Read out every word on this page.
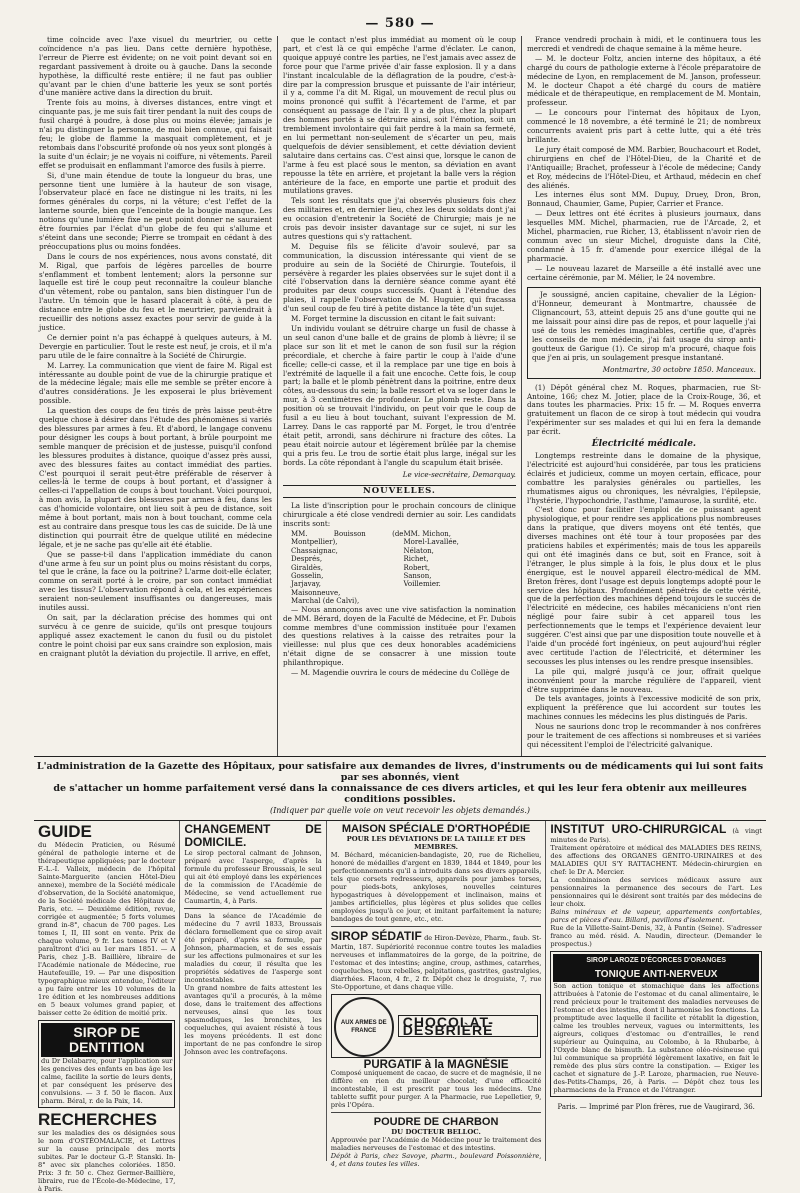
— 580 —

time coïncide avec l'axe visuel du meurtrier, ou cette coïncidence n'a pas lieu. Dans cette dernière hypothèse, l'erreur de Pierre est évidente; on ne voit point devant soi en regardant passivement à droite ou à gauche. Dans la seconde hypothèse, la difficulté reste entière; il ne faut pas oublier qu'avant par le chien d'une batterie les yeux se sont portés d'une manière active dans la direction du bruit.

Trente fois au moins, à diverses distances, entre vingt et cinquante pas, je me suis fait tirer pendant la nuit des coups de fusil chargé à poudre, à dose plus ou moins élevée; jamais je n'ai pu distinguer la personne, de moi bien connue, qui faisait feu; le globe de flamme la masquait complètement, et je retombais dans l'obscurité profonde où nos yeux sont plongés à la suite d'un éclair; je ne voyais ni coiffure, ni vêtements. Pareil effet se produisait en enflammant l'amorce des fusils à pierre.

Si, d'une main étendue de toute la longueur du bras, une personne tient une lumière à la hauteur de son visage, l'observateur placé en face ne distingue ni les traits, ni les formes générales du corps, ni la vêture; c'est l'effet de la lanterne sourde, bien que l'enceinte de la bougie manque. Les notions qu'une lumière fixe ne peut point donner ne sauraient être fournies par l'éclat d'un globe de feu qui s'allume et s'éteint dans une seconde; Pierre se trompait en cédant à des préoccupations plus ou moins fondées.

Dans le cours de nos expériences, nous avons constaté, dit M. Rigal, que parfois de légères parcelles de bourre s'enflamment et tombent lentement; alors la personne sur laquelle est tiré le coup peut reconnaître la couleur blanche d'un vêtement, robe ou pantalon, sans bien distinguer l'un de l'autre. Un témoin que le hasard placerait à côté, à peu de distance entre le globe du feu et le meurtrier, parviendrait à recueillir des notions assez exactes pour servir de guide à la justice.

Ce dernier point n'a pas échappé à quelques auteurs, à M. Devergie en particulier. Tout le reste est neuf, je crois, et il m'a paru utile de le faire connaître à la Société de Chirurgie.

M. Larrey. La communication que vient de faire M. Rigal est intéressante au double point de vue de la chirurgie pratique et de la médecine légale; mais elle me semble se prêter encore à d'autres considérations. Je les exposerai le plus brièvement possible.

La question des coups de feu tirés de près laisse peut-être quelque chose à désirer dans l'étude des phénomènes si variés des blessures par armes à feu. Et d'abord, le langage convenu pour désigner les coups à bout portant, à brûle pourpoint me semble manquer de précision et de justesse, puisqu'il confond les blessures produites à distance, quoique d'assez près aussi, avec des blessures faites au contact immédiat des parties. C'est pourquoi il serait peut-être préférable de réserver à celles-là le terme de coups à bout portant, et d'assigner à celles-ci l'appellation de coups à bout touchant. Voici pourquoi, à mon avis, la plupart des blessures par armes à feu, dans les cas d'homicide volontaire, ont lieu soit à peu de distance, soit même à bout portant, mais non à bout touchant, comme cela est au contraire dans presque tous les cas de suicide. De là une distinction qui pourrait être de quelque utilité en médecine légale, et je ne sache pas qu'elle ait été établie.

Que se passe-t-il dans l'application immédiate du canon d'une arme à feu sur un point plus ou moins résistant du corps, tel que le crâne, la face ou la poitrine? L'arme doit-elle éclater, comme on serait porté à le croire, par son contact immédiat avec les tissus? L'observation répond à cela, et les expériences seraient non-seulement insuffisantes ou dangereuses, mais inutiles aussi.

On sait, par la déclaration précise des hommes qui ont survécu à ce genre de suicide, qu'ils ont presque toujours appliqué assez exactement le canon du fusil ou du pistolet contre le point choisi par eux sans craindre son explosion, mais en craignant plutôt la déviation du projectile. Il arrive, en effet,

que le contact n'est plus immédiat au moment où le coup part, et c'est là ce qui empêche l'arme d'éclater. Le canon, quoique appuyé contre les parties, ne l'est jamais avec assez de force pour que l'arme privée d'air fasse explosion. Il y a dans l'instant incalculable de la déflagration de la poudre, c'est-à-dire par la compression brusque et puissante de l'air intérieur, il y a, comme l'a dit M. Rigal, un mouvement de recul plus ou moins prononcé qui suffit à l'écartement de l'arme, et par conséquent au passage de l'air. Il y a de plus, chez la plupart des hommes portés à se détruire ainsi, soit l'émotion, soit un tremblement involontaire qui fait perdre à la main sa fermeté, en lui permettant non-seulement de s'écarter un peu, mais quelquefois de dévier sensiblement, et cette déviation devient salutaire dans certains cas. C'est ainsi que, lorsque le canon de l'arme à feu est placé sous le menton, sa déviation en avant repousse la tête en arrière, et projetant la balle vers la région antérieure de la face, en emporte une partie et produit des mutilations graves.

Tels sont les résultats que j'ai observés plusieurs fois chez des militaires et, en dernier lieu, chez les deux soldats dont j'ai eu occasion d'entretenir la Société de Chirurgie; mais je ne crois pas devoir insister davantage sur ce sujet, ni sur les autres questions qui s'y rattachent.

M. Deguise fils se félicite d'avoir soulevé, par sa communication, la discussion intéressante qui vient de se produire au sein de la Société de Chirurgie. Toutefois, il persévère à regarder les plaies observées sur le sujet dont il a cité l'observation dans la dernière séance comme ayant été produites par deux coups successifs. Quant à l'étendue des plaies, il rappelle l'observation de M. Huguier, qui fracassa d'un seul coup de feu tiré à petite distance la tête d'un sujet.

M. Forget termine la discussion en citant le fait suivant:

Un individu voulant se détruire charge un fusil de chasse à un seul canon d'une balle et de grains de plomb à lièvre; il se place sur son lit et met le canon de son fusil sur la région précordiale, et cherche à faire partir le coup à l'aide d'une ficelle; celle-ci casse, et il la remplace par une tige en bois à l'extrémité de laquelle il a fait une encoche. Cette fois, le coup part; la balle et le plomb pénètrent dans la poitrine, entre deux côtes, au-dessous du sein; la balle ressort et va se loger dans le mur, à 3 centimètres de profondeur. Le plomb reste. Dans la position où se trouvait l'individu, on peut voir que le coup de fusil a eu lieu à bout touchant, suivant l'expression de M. Larrey. Dans le cas rapporté par M. Forget, le trou d'entrée était petit, arrondi, sans déchirure ni fracture des côtes. La peau était noircie autour et légèrement brûlée par la chemise qui a pris feu. Le trou de sortie était plus large, inégal sur les bords. La côte répondant à l'angle du scapulum était brisée.

Le vice-secrétaire, Demarquay.
NOUVELLES.

La liste d'inscription pour le prochain concours de clinique chirurgicale a été close vendredi dernier au soir. Les candidats inscrits sont:

MM. Bouisson (de Montpellier),
Chassaignac,
Després,
Giraldès,
Gosselin,
Jarjavay,
Maisonneuve,
Marchal (de Calvi),
MM. Michon,
Morel-Lavallée,
Nélaton,
Richet,
Robert,
Sanson,
Voillemier.

— Nous annonçons avec une vive satisfaction la nomination de MM. Bérard, doyen de la Faculté de Médecine, et Fr. Dubois comme membres d'une commission instituée pour l'examen des questions relatives à la caisse des retraites pour la vieillesse: nul plus que ces deux honorables académiciens n'était digne de se consacrer à une mission toute philanthropique.

— M. Magendie ouvrira le cours de médecine du Collège de

France vendredi prochain à midi, et le continuera tous les mercredi et vendredi de chaque semaine à la même heure.

— M. le docteur Foltz, ancien interne des hôpitaux, a été chargé du cours de pathologie externe à l'école préparatoire de médecine de Lyon, en remplacement de M. Janson, professeur. M. le docteur Chapot a été chargé du cours de matière médicale et de thérapeutique, en remplacement de M. Montain, professeur.

— Le concours pour l'internat des hôpitaux de Lyon, commencé le 18 novembre, a été terminé le 21; de nombreux concurrents avaient pris part à cette lutte, qui a été très brillante.

Le jury était composé de MM. Barbier, Bouchacourt et Rodet, chirurgiens en chef de l'Hôtel-Dieu, de la Charité et de l'Antiquaille; Brachet, professeur à l'école de médecine; Candy et Roy, médecins de l'Hôtel-Dieu, et Arthaud, médecin en chef des aliénés.

Les internes élus sont MM. Dupuy, Druey, Dron, Bron, Bonnaud, Chaumier, Game, Pupier, Carrier et France.

— Deux lettres ont été écrites à plusieurs journaux, dans lesquelles MM. Michel, pharmacien, rue de l'Arcade, 2, et Michel, pharmacien, rue Richer, 13, établissent n'avoir rien de commun avec un sieur Michel, droguiste dans la Cité, condamné à 15 fr. d'amende pour exercice illégal de la pharmacie.

— Le nouveau lazaret de Marseille a été installé avec une certaine cérémonie, par M. Mélier, le 24 novembre.

Je soussigné, ancien capitaine, chevalier de la Légion-d'Honneur, demeurant à Montmartre, chaussée de Clignancourt, 53, atteint depuis 25 ans d'une goutte qui ne me laissait pour ainsi dire pas de repos, et pour laquelle j'ai usé de tous les remèdes imaginables, certifie que, d'après les conseils de mon médecin, j'ai fait usage du sirop anti-goutteux de Garigue (1). Ce sirop m'a procuré, chaque fois que j'en ai pris, un soulagement presque instantané.

Montmartre, 30 octobre 1850. Manceaux.

(1) Dépôt général chez M. Roques, pharmacien, rue St-Antoine, 166; chez M. Jotier, place de la Croix-Rouge, 36, et dans toutes les pharmacies. Prix: 15 fr. — M. Roques enverra gratuitement un flacon de ce sirop à tout médecin qui voudra l'expérimenter sur ses malades et qui lui en fera la demande par écrit.

Électricité médicale.

Longtemps restreinte dans le domaine de la physique, l'électricité est aujourd'hui considérée, par tous les praticiens éclairés et judicieux, comme un moyen certain, efficace, pour combattre les paralysies générales ou partielles, les rhumatismes aigus ou chroniques, les névralgies, l'épilepsie, l'hystérie, l'hypochondrie, l'asthme, l'amaurose, la surdité, etc.

C'est donc pour faciliter l'emploi de ce puissant agent physiologique, et pour rendre ses applications plus nombreuses dans la pratique, que divers moyens ont été tentés, que diverses machines ont été tour à tour proposées par des praticiens habiles et expérimentés; mais de tous les appareils qui ont été imaginés dans ce but, soit en France, soit à l'étranger, le plus simple à la fois, le plus doux et le plus énergique, est le nouvel appareil électro-médical de MM. Breton frères, dont l'usage est depuis longtemps adopté pour le service des hôpitaux. Profondément pénétrés de cette vérité, que de la perfection des machines dépend toujours le succès de l'électricité en médecine, ces habiles mécaniciens n'ont rien négligé pour faire subir à cet appareil tous les perfectionnements que le temps et l'expérience devaient leur suggérer. C'est ainsi que par une disposition toute nouvelle et à l'aide d'un procédé fort ingénieux, on peut aujourd'hui régler avec certitude l'action de l'électricité, et déterminer les secousses les plus intenses ou les rendre presque insensibles.

La pile qui, malgré jusqu'à ce jour, offrait quelque inconvénient pour la marche régulière de l'appareil, vient d'être supprimée dans le nouveau.

De tels avantages, joints à l'excessive modicité de son prix, expliquent la préférence que lui accordent sur toutes les machines connues les médecins les plus distingués de Paris.

Nous ne saurions donc trop le recommander à nos confrères pour le traitement de ces affections si nombreuses et si variées qui nécessitent l'emploi de l'électricité galvanique.

L'administration de la Gazette des Hôpitaux, pour satisfaire aux demandes de livres, d'instruments ou de médicaments qui lui sont faits par ses abonnés, vient
de s'attacher un homme parfaitement versé dans la connaissance de ces divers articles, et qui les leur fera obtenir aux meilleures conditions possibles.
(Indiquer par quelle voie on veut recevoir les objets demandés.)
GUIDE
du Médecin Praticien, ou Résumé général de pathologie interne et de thérapeutique appliquées; par le docteur F.-L.-I. Valleix, médecin de l'hôpital Sainte-Marguerite (ancien Hôtel-Dieu annexe), membre de la Société médicale d'observation, de la Société anatomique, de la Société médicale des Hôpitaux de Paris, etc. — Deuxième édition, revue, corrigée et augmentée; 5 forts volumes grand in-8°, chacun de 700 pages. Les tomes I, II, III sont en vente. Prix de chaque volume, 9 fr. Les tomes IV et V paraîtront d'ici au 1er mars 1851. — A Paris, chez J.-B. Baillière, libraire de l'Académie nationale de Médecine, rue Hautefeuille, 19. — Par une disposition typographique mieux entendue, l'éditeur a pu faire entrer les 10 volumes de la 1re édition et les nombreuses additions en 5 beaux volumes grand papier, et baisser cette 2e édition de moitié prix.
SIROP DE DENTITION
du Dr Delabarre, pour l'application sur les gencives des enfants en bas âge les calme, facilite la sortie de leurs dents, et par conséquent les préserve des convulsions. — 3 f. 50 le flacon. Aux pharm. Béral, r. de la Paix, 14.
RECHERCHES
sur les maladies des os désignées sous le nom d'OSTÉOMALACIE, et Lettres sur la cause principale des morts subites. Par le docteur G.-P. Stanski. In-8° avec six planches coloriées. 1850. Prix: 3 fr. 50 c. Chez Germer-Baillière, libraire, rue de l'École-de-Médecine, 17, à Paris.
CHANGEMENT DE DOMICILE.
Le sirop pectoral calmant de Johnson, préparé avec l'asperge, d'après la formule du professeur Broussais, le seul qui ait été employé dans les expériences de la commission de l'Académie de Médecine, se vend actuellement rue Caumartin, 4, à Paris.
Dans la séance de l'Académie de médecine du 7 avril 1833, Broussais déclara formellement que ce sirop avait été préparé, d'après sa formule, par Johnson, pharmacien, et de ses essais sur les affections pulmonaires et sur les maladies du cœur, il résulta que les propriétés sédatives de l'asperge sont incontestables.
Un grand nombre de faits attestent les avantages qu'il a procurés, à la même dose, dans le traitement des affections nerveuses, ainsi que les toux spasmodiques, les bronchites, les coqueluches, qui avaient résisté à tous les moyens précédents. Il est donc important de ne pas confondre le sirop Johnson avec les contrefaçons.
MAISON SPÉCIALE D'ORTHOPÉDIE
POUR LES DÉVIATIONS DE LA TAILLE ET DES MEMBRES.
M. Béchard, mécanicien-bandagiste, 20, rue de Richelieu, honoré de médailles d'argent en 1839, 1844 et 1849, pour les perfectionnements qu'il a introduits dans ses divers appareils, tels que corsets redresseurs, appareils pour jambes torses, pour pieds-bots, ankyloses, nouvelles ceintures hypogastriques à développement et inclinaison, mains et jambes artificielles, plus légères et plus solides que celles employées jusqu'à ce jour, et imitant parfaitement la nature; bandages de tout genre, etc., etc.
SIROP SÉDATIF de Hiron-Devèze, Pharm., faub. St-Martin, 187. Supériorité reconnue contre toutes les maladies nerveuses et inflammatoires de la gorge, de la poitrine, de l'estomac et des intestins; angine, croup, asthmes, catarrhes, coqueluches, toux rebelles, palpitations, gastrites, gastralgies, diarrhées. Flacon, 4 fr., 2 fr. Dépôt chez le droguiste, 7, rue Ste-Opportune, et dans chaque ville.
AUX ARMES DE FRANCE
CHOCOLAT-DESBRIÈRE
PURGATIF à la MAGNÉSIE
Composé uniquement de cacao, de sucre et de magnésie, il ne diffère en rien du meilleur chocolat; d'une efficacité incontestable, il est prescrit par tous les médecins. Une tablette suffit pour purger. A la Pharmacie, rue Lepelletier, 9, près l'Opéra.
POUDRE DE CHARBON
DU DOCTEUR BELLOC.
Approuvée par l'Académie de Médecine pour le traitement des maladies nerveuses de l'estomac et des intestins.
Dépôt à Paris, chez Savoye, pharm., boulevard Poissonnière, 4, et dans toutes les villes.
INSTITUT URO-CHIRURGICAL (à vingt minutes de Paris).
Traitement opératoire et médical des MALADIES DES REINS, des affections des ORGANES GÉNITO-URINAIRES et des MALADIES QUI S'Y RATTACHENT. Médecin-chirurgien en chef: le Dr A. Mercier.
La combinaison des services médicaux assure aux pensionnaires la permanence des secours de l'art. Les pensionnaires qui le désirent sont traités par des médecins de leur choix.
Bains minéraux et de vapeur, appartements confortables, parcs et pièces d'eau. Billard, pavillons d'isolement.
Rue de la Villette-Saint-Denis, 32, à Pantin (Seine). S'adresser franco au méd. résid. A. Naudin, directeur. (Demander le prospectus.)
SIROP LAROZE D'ÉCORCES D'ORANGES
TONIQUE ANTI-NERVEUX
Son action tonique et stomachique dans les affections attribuées à l'atonie de l'estomac et du canal alimentaire, le rend précieux pour le traitement des maladies nerveuses de l'estomac et des intestins, dont il harmonise les fonctions. La promptitude avec laquelle il facilite et rétablit la digestion, calme les troubles nerveux, vagues ou intermittents, les aigreurs, coliques d'estomac ou d'entrailles, le rend supérieur au Quinquina, au Colombo, à la Rhubarbe, à l'Oxyde blanc de bismuth. La substance oléo-résineuse qui lui communique sa propriété légèrement laxative, en fait le remède des plus sûrs contre la constipation. — Exiger les cachet et signature de J.-P. Laroze, pharmacien, rue Neuve-des-Petits-Champs, 26, à Paris. — Dépôt chez tous les pharmaciens de la France et de l'étranger.
Paris. — Imprimé par Plon frères, rue de Vaugirard, 36.
